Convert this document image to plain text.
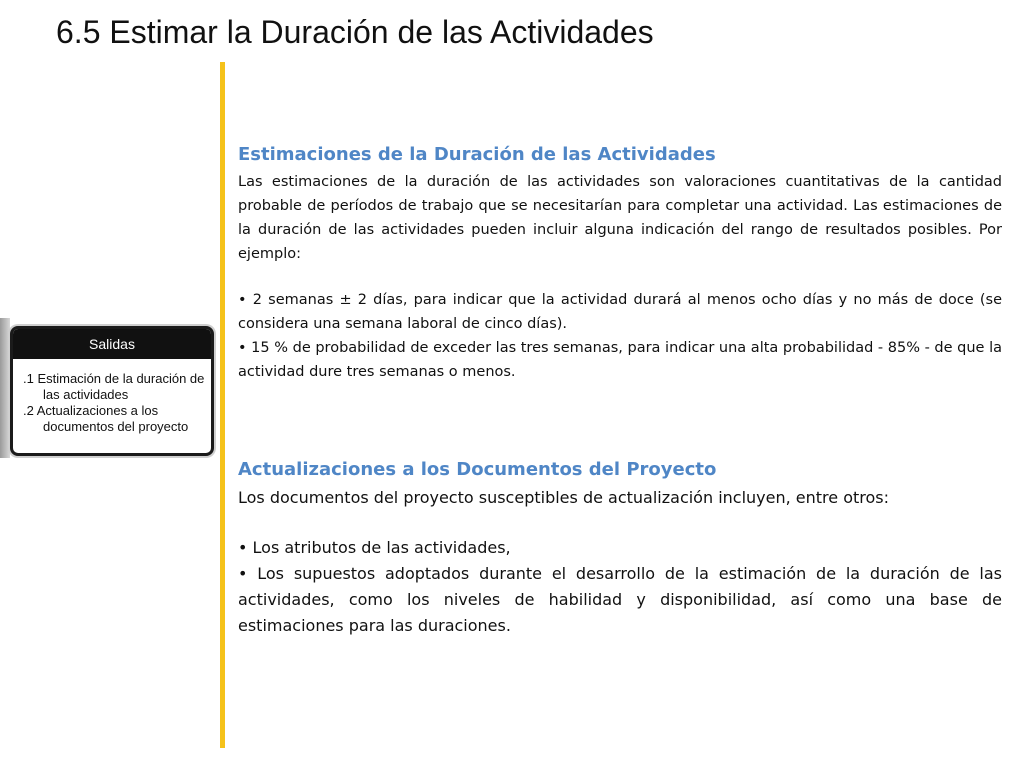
6.5 Estimar la Duración de las Actividades
Salidas
.1 Estimación de la duración de las actividades
.2 Actualizaciones a los documentos del proyecto
Estimaciones de la Duración de las Actividades

Las estimaciones de la duración de las actividades son valoraciones cuantitativas de la cantidad probable de períodos de trabajo que se necesitarían para completar una actividad. Las estimaciones de la duración de las actividades pueden incluir alguna indicación del rango de resultados posibles. Por ejemplo:

• 2 semanas ± 2 días, para indicar que la actividad durará al menos ocho días y no más de doce (se considera una semana laboral de cinco días).

• 15 % de probabilidad de exceder las tres semanas, para indicar una alta probabilidad - 85% - de que la actividad dure tres semanas o menos.

Actualizaciones a los Documentos del Proyecto

Los documentos del proyecto susceptibles de actualización incluyen, entre otros:

• Los atributos de las actividades,

• Los supuestos adoptados durante el desarrollo de la estimación de la duración de las actividades, como los niveles de habilidad y disponibilidad, así como una base de estimaciones para las duraciones.
